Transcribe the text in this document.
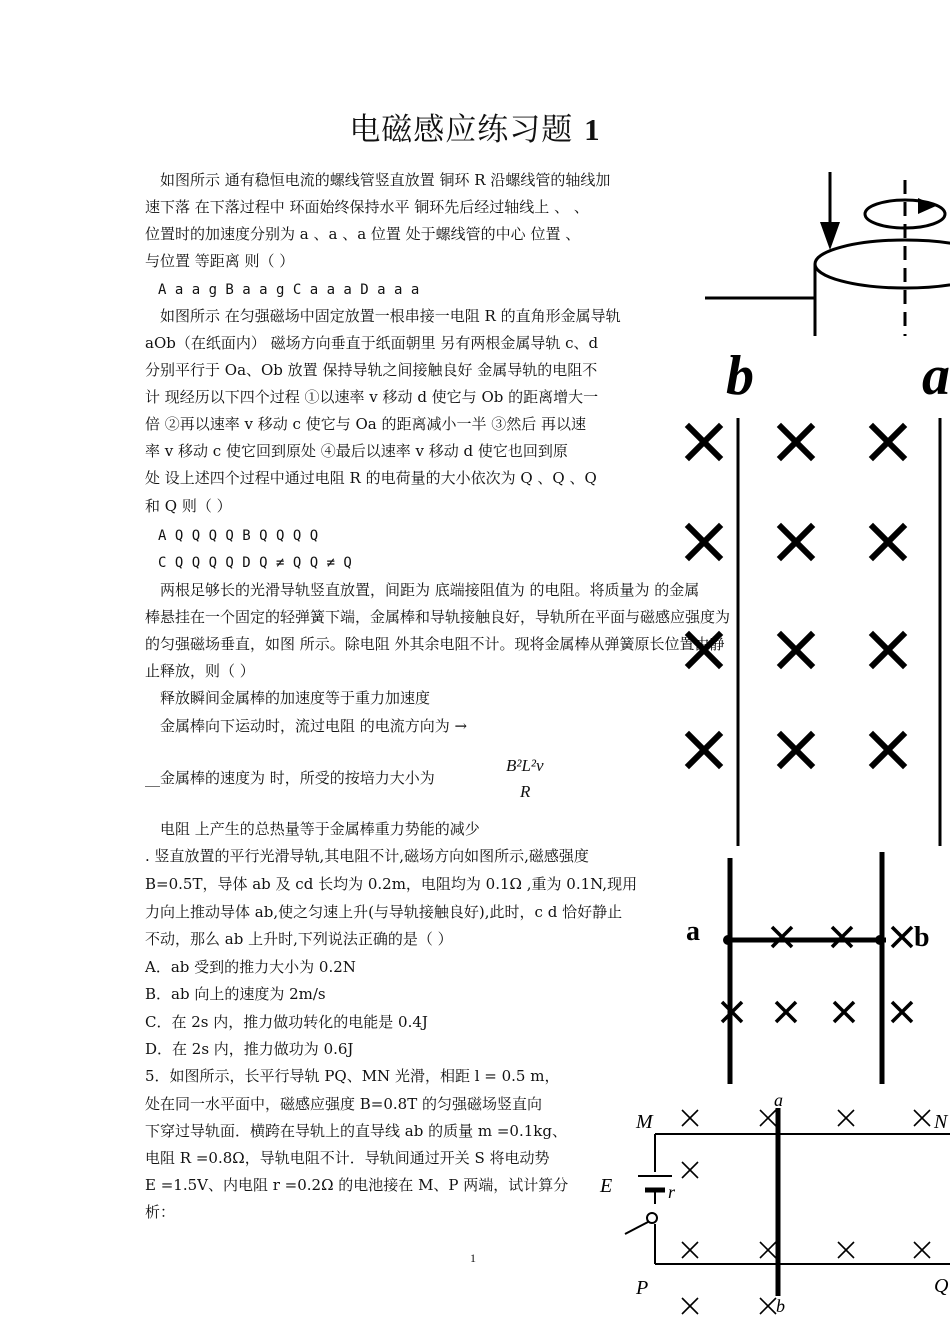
电磁感应练习题 1
如图所示 通有稳恒电流的螺线管竖直放置 铜环 R 沿螺线管的轴线加
速下落 在下落过程中 环面始终保持水平 铜环先后经过轴线上 、 、
位置时的加速度分别为 a 、a 、a 位置 处于螺线管的中心 位置 、
与位置 等距离 则（ ）
A a a g B a a g C a a a D a a a
如图所示 在匀强磁场中固定放置一根串接一电阻 R 的直角形金属导轨
aOb（在纸面内） 磁场方向垂直于纸面朝里 另有两根金属导轨 c、d
分别平行于 Oa、Ob 放置 保持导轨之间接触良好 金属导轨的电阻不
计 现经历以下四个过程 ①以速率 v 移动 d 使它与 Ob 的距离增大一
倍 ②再以速率 v 移动 c 使它与 Oa 的距离减小一半 ③然后 再以速
率 v 移动 c 使它回到原处 ④最后以速率 v 移动 d 使它也回到原
处 设上述四个过程中通过电阻 R 的电荷量的大小依次为 Q 、Q 、Q
和 Q 则（ ）
A Q Q Q Q B Q Q Q Q
C Q Q Q Q D Q ≠ Q Q ≠ Q
两根足够长的光滑导轨竖直放置，间距为 底端接阻值为 的电阻。将质量为 的金属
棒悬挂在一个固定的轻弹簧下端，金属棒和导轨接触良好，导轨所在平面与磁感应强度为
的匀强磁场垂直，如图 所示。除电阻 外其余电阻不计。现将金属棒从弹簧原长位置由静
止释放，则（ ）
释放瞬间金属棒的加速度等于重力加速度
金属棒向下运动时，流过电阻 的电流方向为 →
__金属棒的速度为 时，所受的按培力大小为
电阻 上产生的总热量等于金属棒重力势能的减少
. 竖直放置的平行光滑导轨,其电阻不计,磁场方向如图所示,磁感强度
B=0.5T，导体 ab 及 cd 长均为 0.2m，电阻均为 0.1Ω ,重为 0.1N,现用
力向上推动导体 ab,使之匀速上升(与导轨接触良好),此时，c d 恰好静止
不动，那么 ab 上升时,下列说法正确的是（ ）
A．ab 受到的推力大小为 0.2N
B．ab 向上的速度为 2m/s
C．在 2s 内，推力做功转化的电能是 0.4J
D．在 2s 内，推力做功为 0.6J
5．如图所示，长平行导轨 PQ、MN 光滑，相距 l = 0.5 m，
处在同一水平面中，磁感应强度 B=0.8T 的匀强磁场竖直向
下穿过导轨面．横跨在导轨上的直导线 ab 的质量 m =0.1kg、
电阻 R =0.8Ω，导轨电阻不计．导轨间通过开关 S 将电动势
E =1.5V、内电阻 r =0.2Ω 的电池接在 M、P 两端，试计算分
析：
B²L²v
R
1
b	a
a	b
M	N
E	r
P	Q
a
b
